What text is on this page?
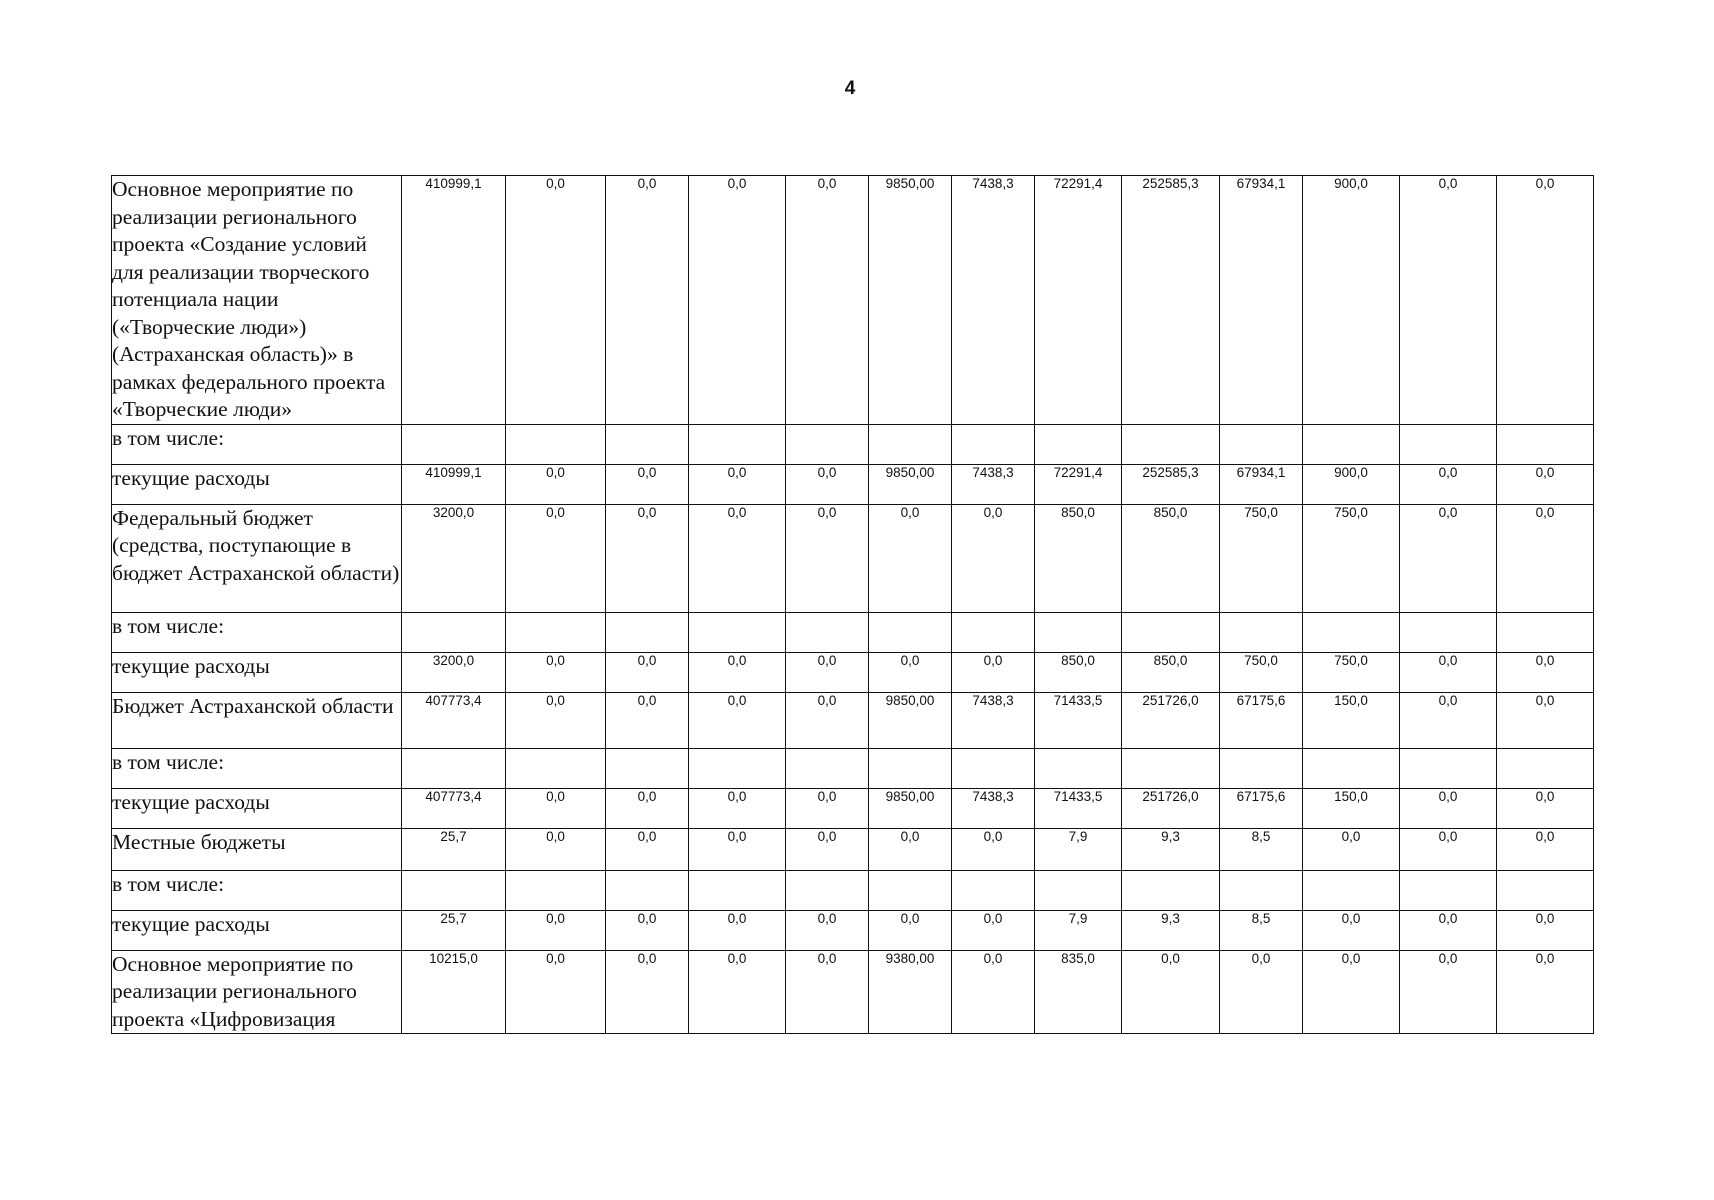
4
Основное мероприятие по реализации регионального проекта «Создание условий для реализации творческого потенциала нации («Творческие люди») (Астраханская область)» в рамках федерального проекта «Творческие люди»	410999,1	0,0	0,0	0,0	0,0	9850,00	7438,3	72291,4	252585,3	67934,1	900,0	0,0	0,0
в том числе:													
текущие расходы	410999,1	0,0	0,0	0,0	0,0	9850,00	7438,3	72291,4	252585,3	67934,1	900,0	0,0	0,0
Федеральный бюджет (средства, поступающие в бюджет Астраханской области)	3200,0	0,0	0,0	0,0	0,0	0,0	0,0	850,0	850,0	750,0	750,0	0,0	0,0
в том числе:													
текущие расходы	3200,0	0,0	0,0	0,0	0,0	0,0	0,0	850,0	850,0	750,0	750,0	0,0	0,0
Бюджет Астраханской области	407773,4	0,0	0,0	0,0	0,0	9850,00	7438,3	71433,5	251726,0	67175,6	150,0	0,0	0,0
в том числе:													
текущие расходы	407773,4	0,0	0,0	0,0	0,0	9850,00	7438,3	71433,5	251726,0	67175,6	150,0	0,0	0,0
Местные бюджеты	25,7	0,0	0,0	0,0	0,0	0,0	0,0	7,9	9,3	8,5	0,0	0,0	0,0
в том числе:													
текущие расходы	25,7	0,0	0,0	0,0	0,0	0,0	0,0	7,9	9,3	8,5	0,0	0,0	0,0
Основное мероприятие по реализации регионального проекта «Цифровизация	10215,0	0,0	0,0	0,0	0,0	9380,00	0,0	835,0	0,0	0,0	0,0	0,0	0,0
